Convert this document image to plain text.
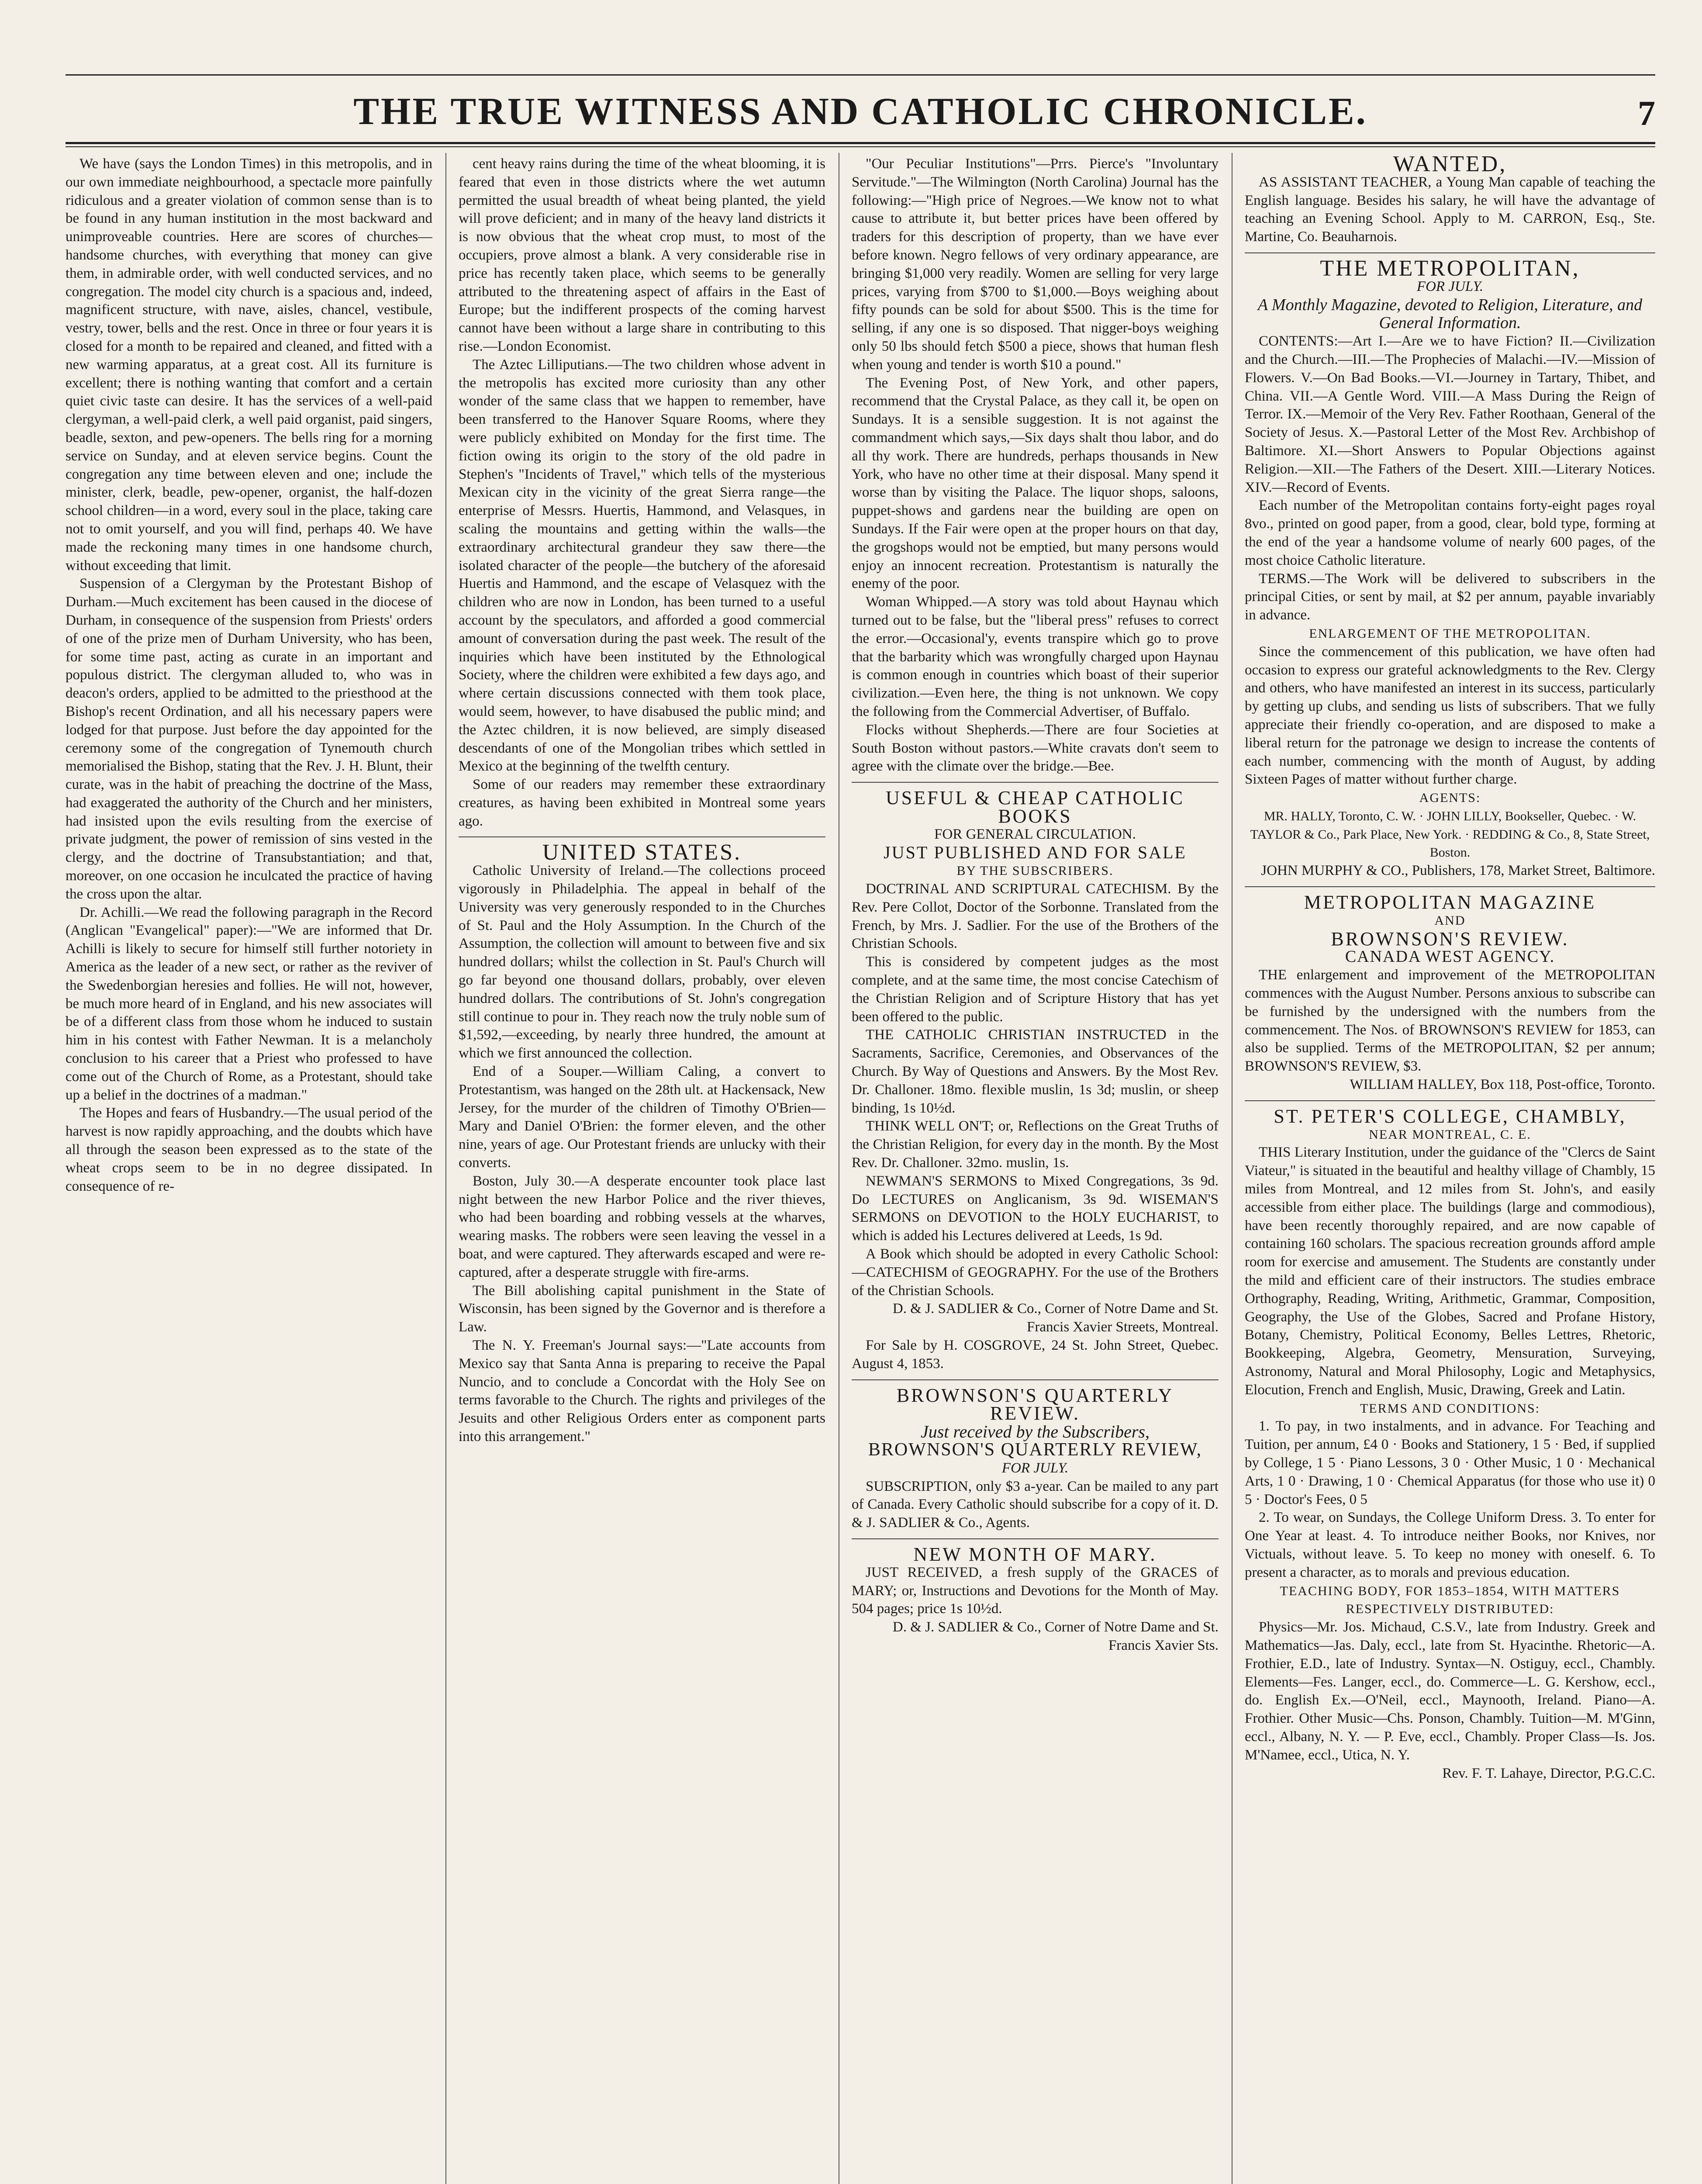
THE TRUE WITNESS AND CATHOLIC CHRONICLE.	7

We have (says the London Times) in this metropolis, and in our own immediate neighbourhood, a spectacle more painfully ridiculous and a greater violation of common sense than is to be found in any human institution in the most backward and unimproveable countries. Here are scores of churches—handsome churches, with everything that money can give them, in admirable order, with well conducted services, and no congregation. The model city church is a spacious and, indeed, magnificent structure, with nave, aisles, chancel, vestibule, vestry, tower, bells and the rest. Once in three or four years it is closed for a month to be repaired and cleaned, and fitted with a new warming apparatus, at a great cost. All its furniture is excellent; there is nothing wanting that comfort and a certain quiet civic taste can desire. It has the services of a well-paid clergyman, a well-paid clerk, a well paid organist, paid singers, beadle, sexton, and pew-openers. The bells ring for a morning service on Sunday, and at eleven service begins. Count the congregation any time between eleven and one; include the minister, clerk, beadle, pew-opener, organist, the half-dozen school children—in a word, every soul in the place, taking care not to omit yourself, and you will find, perhaps 40. We have made the reckoning many times in one handsome church, without exceeding that limit.

Suspension of a Clergyman by the Protestant Bishop of Durham.—Much excitement has been caused in the diocese of Durham, in consequence of the suspension from Priests' orders of one of the prize men of Durham University, who has been, for some time past, acting as curate in an important and populous district. The clergyman alluded to, who was in deacon's orders, applied to be admitted to the priesthood at the Bishop's recent Ordination, and all his necessary papers were lodged for that purpose. Just before the day appointed for the ceremony some of the congregation of Tynemouth church memorialised the Bishop, stating that the Rev. J. H. Blunt, their curate, was in the habit of preaching the doctrine of the Mass, had exaggerated the authority of the Church and her ministers, had insisted upon the evils resulting from the exercise of private judgment, the power of remission of sins vested in the clergy, and the doctrine of Transubstantiation; and that, moreover, on one occasion he inculcated the practice of having the cross upon the altar.

Dr. Achilli.—We read the following paragraph in the Record (Anglican "Evangelical" paper):—"We are informed that Dr. Achilli is likely to secure for himself still further notoriety in America as the leader of a new sect, or rather as the reviver of the Swedenborgian heresies and follies. He will not, however, be much more heard of in England, and his new associates will be of a different class from those whom he induced to sustain him in his contest with Father Newman. It is a melancholy conclusion to his career that a Priest who professed to have come out of the Church of Rome, as a Protestant, should take up a belief in the doctrines of a madman."

The Hopes and fears of Husbandry.—The usual period of the harvest is now rapidly approaching, and the doubts which have all through the season been expressed as to the state of the wheat crops seem to be in no degree dissipated. In consequence of re-

cent heavy rains during the time of the wheat blooming, it is feared that even in those districts where the wet autumn permitted the usual breadth of wheat being planted, the yield will prove deficient; and in many of the heavy land districts it is now obvious that the wheat crop must, to most of the occupiers, prove almost a blank. A very considerable rise in price has recently taken place, which seems to be generally attributed to the threatening aspect of affairs in the East of Europe; but the indifferent prospects of the coming harvest cannot have been without a large share in contributing to this rise.—London Economist.

The Aztec Lilliputians.—The two children whose advent in the metropolis has excited more curiosity than any other wonder of the same class that we happen to remember, have been transferred to the Hanover Square Rooms, where they were publicly exhibited on Monday for the first time. The fiction owing its origin to the story of the old padre in Stephen's "Incidents of Travel," which tells of the mysterious Mexican city in the vicinity of the great Sierra range—the enterprise of Messrs. Huertis, Hammond, and Velasques, in scaling the mountains and getting within the walls—the extraordinary architectural grandeur they saw there—the isolated character of the people—the butchery of the aforesaid Huertis and Hammond, and the escape of Velasquez with the children who are now in London, has been turned to a useful account by the speculators, and afforded a good commercial amount of conversation during the past week. The result of the inquiries which have been instituted by the Ethnological Society, where the children were exhibited a few days ago, and where certain discussions connected with them took place, would seem, however, to have disabused the public mind; and the Aztec children, it is now believed, are simply diseased descendants of one of the Mongolian tribes which settled in Mexico at the beginning of the twelfth century.

Some of our readers may remember these extraordinary creatures, as having been exhibited in Montreal some years ago.

UNITED STATES.

Catholic University of Ireland.—The collections proceed vigorously in Philadelphia. The appeal in behalf of the University was very generously responded to in the Churches of St. Paul and the Holy Assumption. In the Church of the Assumption, the collection will amount to between five and six hundred dollars; whilst the collection in St. Paul's Church will go far beyond one thousand dollars, probably, over eleven hundred dollars. The contributions of St. John's congregation still continue to pour in. They reach now the truly noble sum of $1,592,—exceeding, by nearly three hundred, the amount at which we first announced the collection.

End of a Souper.—William Caling, a convert to Protestantism, was hanged on the 28th ult. at Hackensack, New Jersey, for the murder of the children of Timothy O'Brien—Mary and Daniel O'Brien: the former eleven, and the other nine, years of age. Our Protestant friends are unlucky with their converts.

Boston, July 30.—A desperate encounter took place last night between the new Harbor Police and the river thieves, who had been boarding and robbing vessels at the wharves, wearing masks. The robbers were seen leaving the vessel in a boat, and were captured. They afterwards escaped and were re-captured, after a desperate struggle with fire-arms.

The Bill abolishing capital punishment in the State of Wisconsin, has been signed by the Governor and is therefore a Law.

The N. Y. Freeman's Journal says:—"Late accounts from Mexico say that Santa Anna is preparing to receive the Papal Nuncio, and to conclude a Concordat with the Holy See on terms favorable to the Church. The rights and privileges of the Jesuits and other Religious Orders enter as component parts into this arrangement."

"Our Peculiar Institutions"—Prrs. Pierce's "Involuntary Servitude."—The Wilmington (North Carolina) Journal has the following:—"High price of Negroes.—We know not to what cause to attribute it, but better prices have been offered by traders for this description of property, than we have ever before known. Negro fellows of very ordinary appearance, are bringing $1,000 very readily. Women are selling for very large prices, varying from $700 to $1,000.—Boys weighing about fifty pounds can be sold for about $500. This is the time for selling, if any one is so disposed. That nigger-boys weighing only 50 lbs should fetch $500 a piece, shows that human flesh when young and tender is worth $10 a pound."

The Evening Post, of New York, and other papers, recommend that the Crystal Palace, as they call it, be open on Sundays. It is a sensible suggestion. It is not against the commandment which says,—Six days shalt thou labor, and do all thy work. There are hundreds, perhaps thousands in New York, who have no other time at their disposal. Many spend it worse than by visiting the Palace. The liquor shops, saloons, puppet-shows and gardens near the building are open on Sundays. If the Fair were open at the proper hours on that day, the grogshops would not be emptied, but many persons would enjoy an innocent recreation. Protestantism is naturally the enemy of the poor.

Woman Whipped.—A story was told about Haynau which turned out to be false, but the "liberal press" refuses to correct the error.—Occasional'y, events transpire which go to prove that the barbarity which was wrongfully charged upon Haynau is common enough in countries which boast of their superior civilization.—Even here, the thing is not unknown. We copy the following from the Commercial Advertiser, of Buffalo.

Flocks without Shepherds.—There are four Societies at South Boston without pastors.—White cravats don't seem to agree with the climate over the bridge.—Bee.

USEFUL & CHEAP CATHOLIC BOOKS

FOR GENERAL CIRCULATION.

JUST PUBLISHED AND FOR SALE

BY THE SUBSCRIBERS.

DOCTRINAL AND SCRIPTURAL CATECHISM. By the Rev. Pere Collot, Doctor of the Sorbonne. Translated from the French, by Mrs. J. Sadlier. For the use of the Brothers of the Christian Schools.

This is considered by competent judges as the most complete, and at the same time, the most concise Catechism of the Christian Religion and of Scripture History that has yet been offered to the public.

THE CATHOLIC CHRISTIAN INSTRUCTED in the Sacraments, Sacrifice, Ceremonies, and Observances of the Church. By Way of Questions and Answers. By the Most Rev. Dr. Challoner. 18mo. flexible muslin, 1s 3d; muslin, or sheep binding, 1s 10½d.

THINK WELL ON'T; or, Reflections on the Great Truths of the Christian Religion, for every day in the month. By the Most Rev. Dr. Challoner. 32mo. muslin, 1s.

NEWMAN'S SERMONS to Mixed Congregations, 3s 9d. Do LECTURES on Anglicanism, 3s 9d. WISEMAN'S SERMONS on DEVOTION to the HOLY EUCHARIST, to which is added his Lectures delivered at Leeds, 1s 9d.

A Book which should be adopted in every Catholic School:—CATECHISM of GEOGRAPHY. For the use of the Brothers of the Christian Schools.

D. & J. SADLIER & Co., Corner of Notre Dame and St. Francis Xavier Streets, Montreal.

For Sale by H. COSGROVE, 24 St. John Street, Quebec. August 4, 1853.

BROWNSON'S QUARTERLY REVIEW.

Just received by the Subscribers,

BROWNSON'S QUARTERLY REVIEW,

FOR JULY.

SUBSCRIPTION, only $3 a-year. Can be mailed to any part of Canada. Every Catholic should subscribe for a copy of it. D. & J. SADLIER & Co., Agents.

NEW MONTH OF MARY.

JUST RECEIVED, a fresh supply of the GRACES of MARY; or, Instructions and Devotions for the Month of May. 504 pages; price 1s 10½d.

D. & J. SADLIER & Co., Corner of Notre Dame and St. Francis Xavier Sts.

WANTED,

AS ASSISTANT TEACHER, a Young Man capable of teaching the English language. Besides his salary, he will have the advantage of teaching an Evening School. Apply to M. CARRON, Esq., Ste. Martine, Co. Beauharnois.

THE METROPOLITAN,

FOR JULY.

A Monthly Magazine, devoted to Religion, Literature, and General Information.

CONTENTS:—Art I.—Are we to have Fiction? II.—Civilization and the Church.—III.—The Prophecies of Malachi.—IV.—Mission of Flowers. V.—On Bad Books.—VI.—Journey in Tartary, Thibet, and China. VII.—A Gentle Word. VIII.—A Mass During the Reign of Terror. IX.—Memoir of the Very Rev. Father Roothaan, General of the Society of Jesus. X.—Pastoral Letter of the Most Rev. Archbishop of Baltimore. XI.—Short Answers to Popular Objections against Religion.—XII.—The Fathers of the Desert. XIII.—Literary Notices. XIV.—Record of Events.

Each number of the Metropolitan contains forty-eight pages royal 8vo., printed on good paper, from a good, clear, bold type, forming at the end of the year a handsome volume of nearly 600 pages, of the most choice Catholic literature.

TERMS.—The Work will be delivered to subscribers in the principal Cities, or sent by mail, at $2 per annum, payable invariably in advance.

ENLARGEMENT OF THE METROPOLITAN.

Since the commencement of this publication, we have often had occasion to express our grateful acknowledgments to the Rev. Clergy and others, who have manifested an interest in its success, particularly by getting up clubs, and sending us lists of subscribers. That we fully appreciate their friendly co-operation, and are disposed to make a liberal return for the patronage we design to increase the contents of each number, commencing with the month of August, by adding Sixteen Pages of matter without further charge.

AGENTS:

MR. HALLY, Toronto, C. W. · JOHN LILLY, Bookseller, Quebec. · W. TAYLOR & Co., Park Place, New York. · REDDING & Co., 8, State Street, Boston.

JOHN MURPHY & CO., Publishers, 178, Market Street, Baltimore.

METROPOLITAN MAGAZINE

AND

BROWNSON'S REVIEW.

CANADA WEST AGENCY.

THE enlargement and improvement of the METROPOLITAN commences with the August Number. Persons anxious to subscribe can be furnished by the undersigned with the numbers from the commencement. The Nos. of BROWNSON'S REVIEW for 1853, can also be supplied. Terms of the METROPOLITAN, $2 per annum; BROWNSON'S REVIEW, $3.

WILLIAM HALLEY, Box 118, Post-office, Toronto.

ST. PETER'S COLLEGE, CHAMBLY,

NEAR MONTREAL, C. E.

THIS Literary Institution, under the guidance of the "Clercs de Saint Viateur," is situated in the beautiful and healthy village of Chambly, 15 miles from Montreal, and 12 miles from St. John's, and easily accessible from either place. The buildings (large and commodious), have been recently thoroughly repaired, and are now capable of containing 160 scholars. The spacious recreation grounds afford ample room for exercise and amusement. The Students are constantly under the mild and efficient care of their instructors. The studies embrace Orthography, Reading, Writing, Arithmetic, Grammar, Composition, Geography, the Use of the Globes, Sacred and Profane History, Botany, Chemistry, Political Economy, Belles Lettres, Rhetoric, Bookkeeping, Algebra, Geometry, Mensuration, Surveying, Astronomy, Natural and Moral Philosophy, Logic and Metaphysics, Elocution, French and English, Music, Drawing, Greek and Latin.

TERMS AND CONDITIONS:

1. To pay, in two instalments, and in advance. For Teaching and Tuition, per annum, £4 0 · Books and Stationery, 1 5 · Bed, if supplied by College, 1 5 · Piano Lessons, 3 0 · Other Music, 1 0 · Mechanical Arts, 1 0 · Drawing, 1 0 · Chemical Apparatus (for those who use it) 0 5 · Doctor's Fees, 0 5

2. To wear, on Sundays, the College Uniform Dress. 3. To enter for One Year at least. 4. To introduce neither Books, nor Knives, nor Victuals, without leave. 5. To keep no money with oneself. 6. To present a character, as to morals and previous education.

TEACHING BODY, FOR 1853–1854, WITH MATTERS RESPECTIVELY DISTRIBUTED:

Physics—Mr. Jos. Michaud, C.S.V., late from Industry. Greek and Mathematics—Jas. Daly, eccl., late from St. Hyacinthe. Rhetoric—A. Frothier, E.D., late of Industry. Syntax—N. Ostiguy, eccl., Chambly. Elements—Fes. Langer, eccl., do. Commerce—L. G. Kershow, eccl., do. English Ex.—O'Neil, eccl., Maynooth, Ireland. Piano—A. Frothier. Other Music—Chs. Ponson, Chambly. Tuition—M. M'Ginn, eccl., Albany, N. Y. — P. Eve, eccl., Chambly. Proper Class—Is. Jos. M'Namee, eccl., Utica, N. Y.

Rev. F. T. Lahaye, Director, P.G.C.C.
